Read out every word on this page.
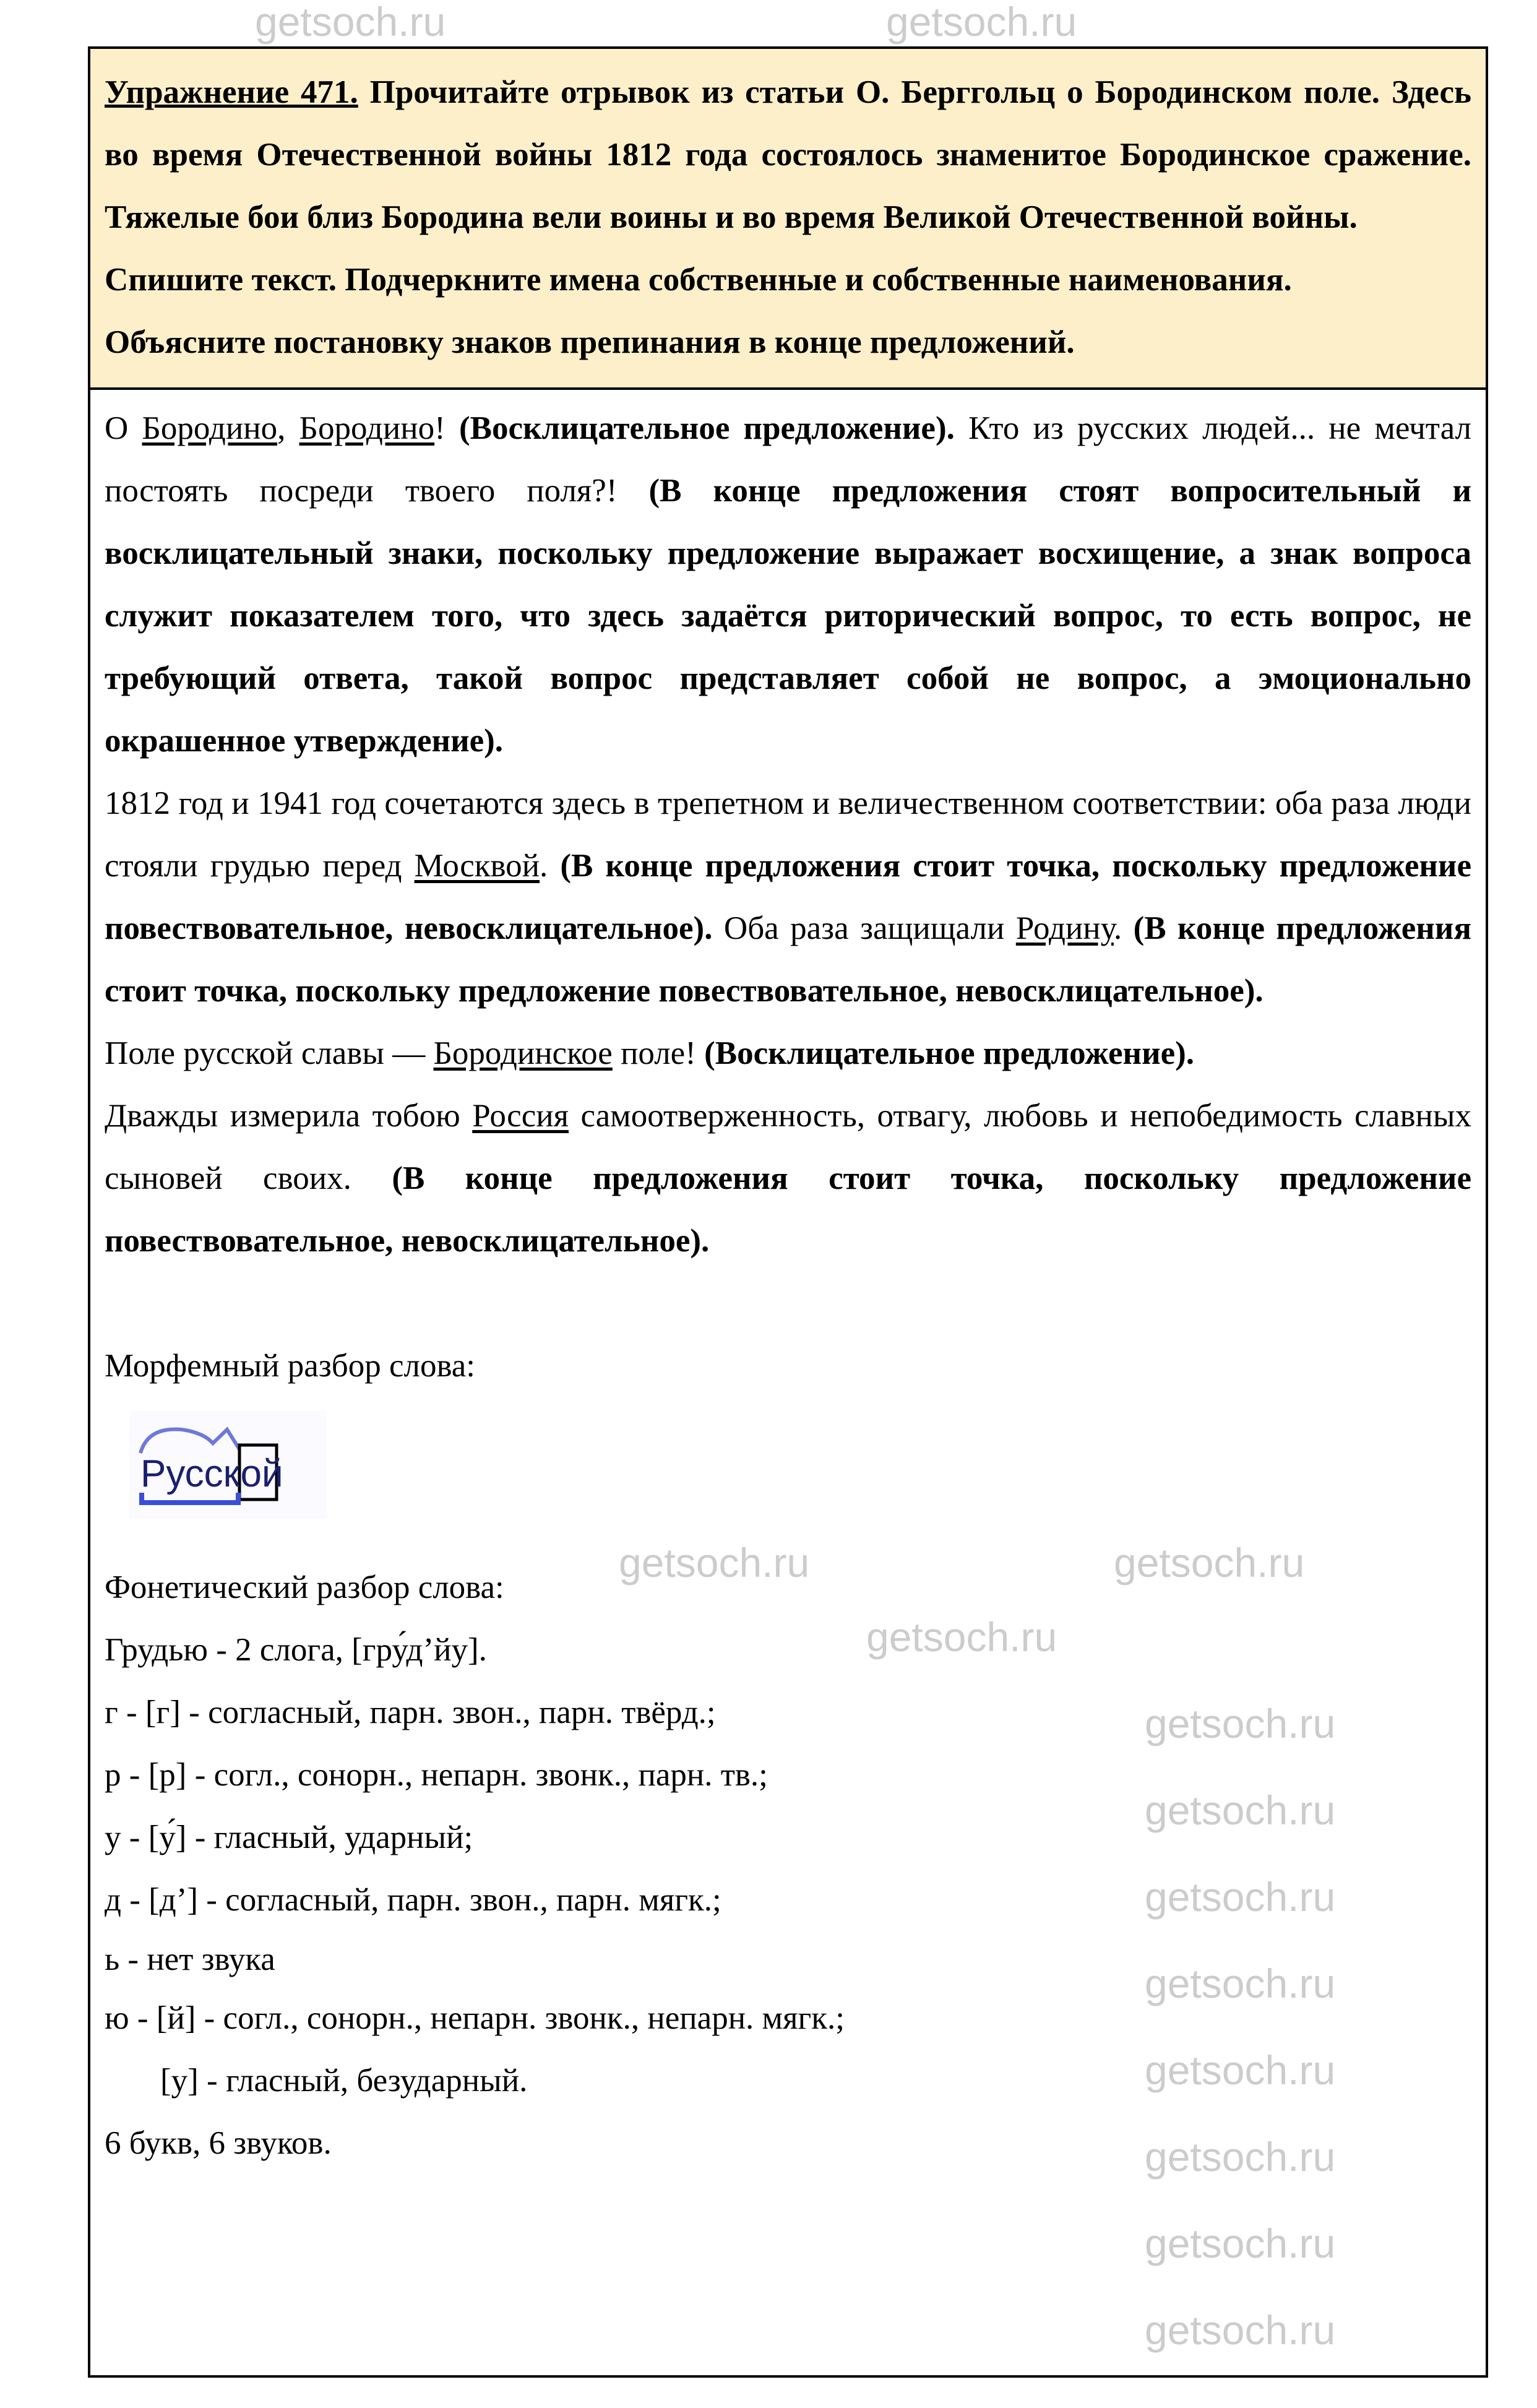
Упражнение 471. Прочитайте отрывок из статьи О. Берггольц о Бородинском поле. Здесь во время Отечественной войны 1812 года состоялось знаменитое Бородинское сражение. Тяжелые бои близ Бородина вели воины и во время Великой Отечественной войны.

Спишите текст. Подчеркните имена собственные и собственные наименования.

Объясните постановку знаков препинания в конце предложений.

О Бородино, Бородино! (Восклицательное предложение). Кто из русских людей... не мечтал постоять посреди твоего поля?! (В конце предложения стоят вопросительный и восклицательный знаки, поскольку предложение выражает восхищение, а знак вопроса служит показателем того, что здесь задаётся риторический вопрос, то есть вопрос, не требующий ответа, такой вопрос представляет собой не вопрос, а эмоционально окрашенное утверждение).

1812 год и 1941 год сочетаются здесь в трепетном и величественном соответствии: оба раза люди стояли грудью перед Москвой. (В конце предложения стоит точка, поскольку предложение повествовательное, невосклицательное). Оба раза защищали Родину. (В конце предложения стоит точка, поскольку предложение повествовательное, невосклицательное).

Поле русской славы — Бородинское поле! (Восклицательное предложение).

Дважды измерила тобою Россия самоотверженность, отвагу, любовь и непобедимость славных сыновей своих. (В конце предложения стоит точка, поскольку предложение повествовательное, невосклицательное).

Морфемный разбор слова:

Русской

Фонетический разбор слова:

Грудью - 2 слога, [гру́д’йу].

г - [г] - согласный, парн. звон., парн. твёрд.;

р - [р] - согл., сонорн., непарн. звонк., парн. тв.;

у - [у́] - гласный, ударный;

д - [д’] - согласный, парн. звон., парн. мягк.;

ь - нет звука

ю - [й] - согл., сонорн., непарн. звонк., непарн. мягк.;

[у] - гласный, безударный.

6 букв, 6 звуков.

getsoch.ru	getsoch.ru
getsoch.ru	getsoch.ru
getsoch.ru
getsoch.ru
getsoch.ru
getsoch.ru
getsoch.ru
getsoch.ru
getsoch.ru
getsoch.ru
getsoch.ru
